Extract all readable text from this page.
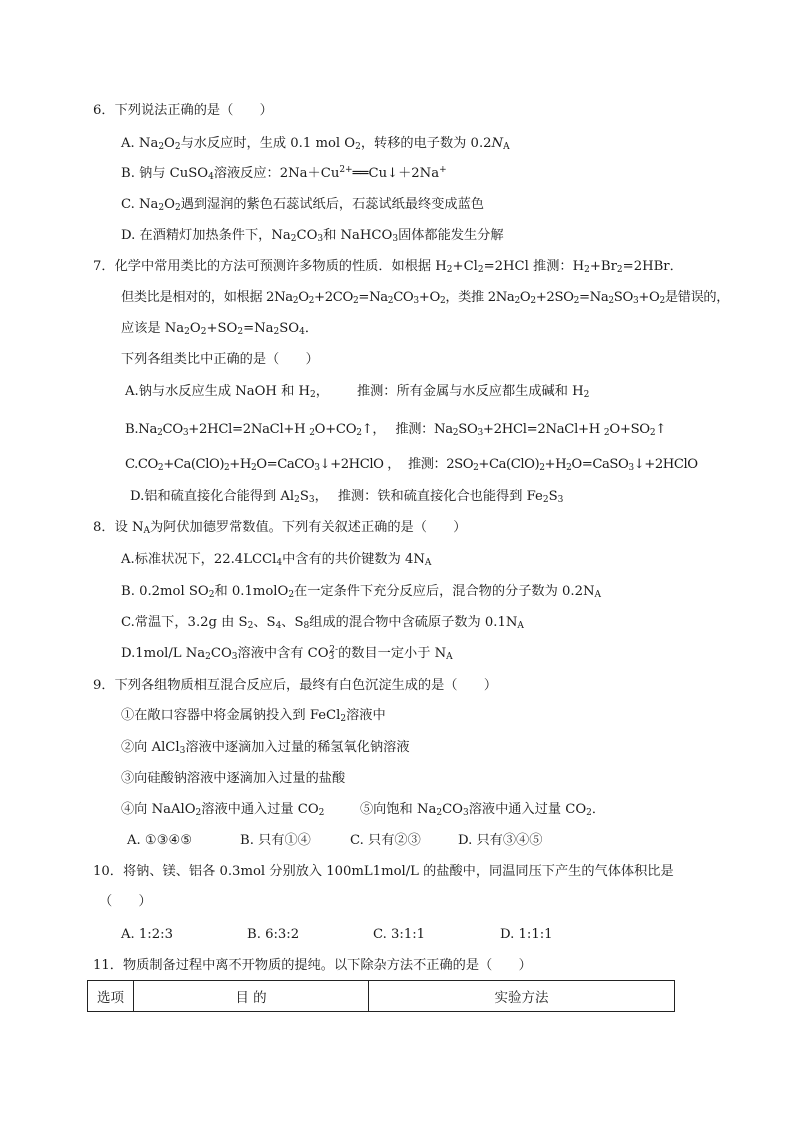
6．下列说法正确的是（　　）
A. $Na_2O_2$与水反应时，生成 0.1 mol $O_2$，转移的电子数为 $0.2N_A$
B. 钠与 CuSO$_4$溶液反应：$2Na+Cu^{2+}══Cu↓+2Na^+$
C. $Na_2O_2$遇到湿润的紫色石蕊试纸后，石蕊试纸最终变成蓝色
D. 在酒精灯加热条件下，$Na_2CO_3$和 NaHCO$_3$固体都能发生分解
7．化学中常用类比的方法可预测许多物质的性质．如根据 $H_2+Cl_2=2HCl$ 推测：$H_2+Br_2=2HBr$．
但类比是相对的，如根据 $2Na_2O_2+2CO_2=Na_2CO_3+O_2$，类推 $2Na_2O_2+2SO_2=Na_2SO_3+O_2$是错误的，
应该是 $Na_2O_2+SO_2=Na_2SO_4$．
下列各组类比中正确的是（　　）
A.钠与水反应生成 NaOH 和 $H_2$， 推测：所有金属与水反应都生成碱和 $H_2$
$B.Na_2CO_3+2HCl=2NaCl+H$ $_2O+CO_2↑$， 推测：$Na_2SO_3+2HCl=2NaCl+H$ $_2O+SO_2↑$
$C.CO_2+Ca(ClO)_2+H_2O=CaCO_3↓+2HClO$ ， 推测：$2SO_2+Ca(ClO)_2+H_2O=CaSO_3↓+2HClO$
D.铝和硫直接化合能得到 $Al_2S_3$， 推测：铁和硫直接化合也能得到 $Fe_2S_3$
8．设 $N_A$为阿伏加德罗常数值。下列有关叙述正确的是（　　）
A.标准状况下，22.4LCCl$_4$中含有的共价键数为 $4N_A$
B. 0.2mol $SO_2$和 0.1molO$_2$在一定条件下充分反应后，混合物的分子数为 $0.2N_A$
C.常温下，3.2g 由 $S_2$、$S_4$、$S_8$组成的混合物中含硫原子数为 $0.1N_A$
D.1mol/L $Na_2CO_3$溶液中含有 $CO_3^{2-}$的数目一定小于 $N_A$
9．下列各组物质相互混合反应后，最终有白色沉淀生成的是（　　）
①在敞口容器中将金属钠投入到 FeCl$_2$溶液中
②向 AlCl$_3$溶液中逐滴加入过量的稀氢氧化钠溶液
③向硅酸钠溶液中逐滴加入过量的盐酸
④向 NaAlO$_2$溶液中通入过量 $CO_2$	⑤向饱和 $Na_2CO_3$溶液中通入过量 $CO_2$．
A. ①③④⑤	B. 只有①④	C. 只有②③	D. 只有③④⑤
10．将钠、镁、铝各 0.3mol 分别放入 100mL1mol/L 的盐酸中，同温同压下产生的气体体积比是
（　　）
A. 1:2:3	B. 6:3:2	C. 3:1:1	D. 1:1:1
11．物质制备过程中离不开物质的提纯。以下除杂方法不正确的是（　　）
选项	目 的	实验方法
